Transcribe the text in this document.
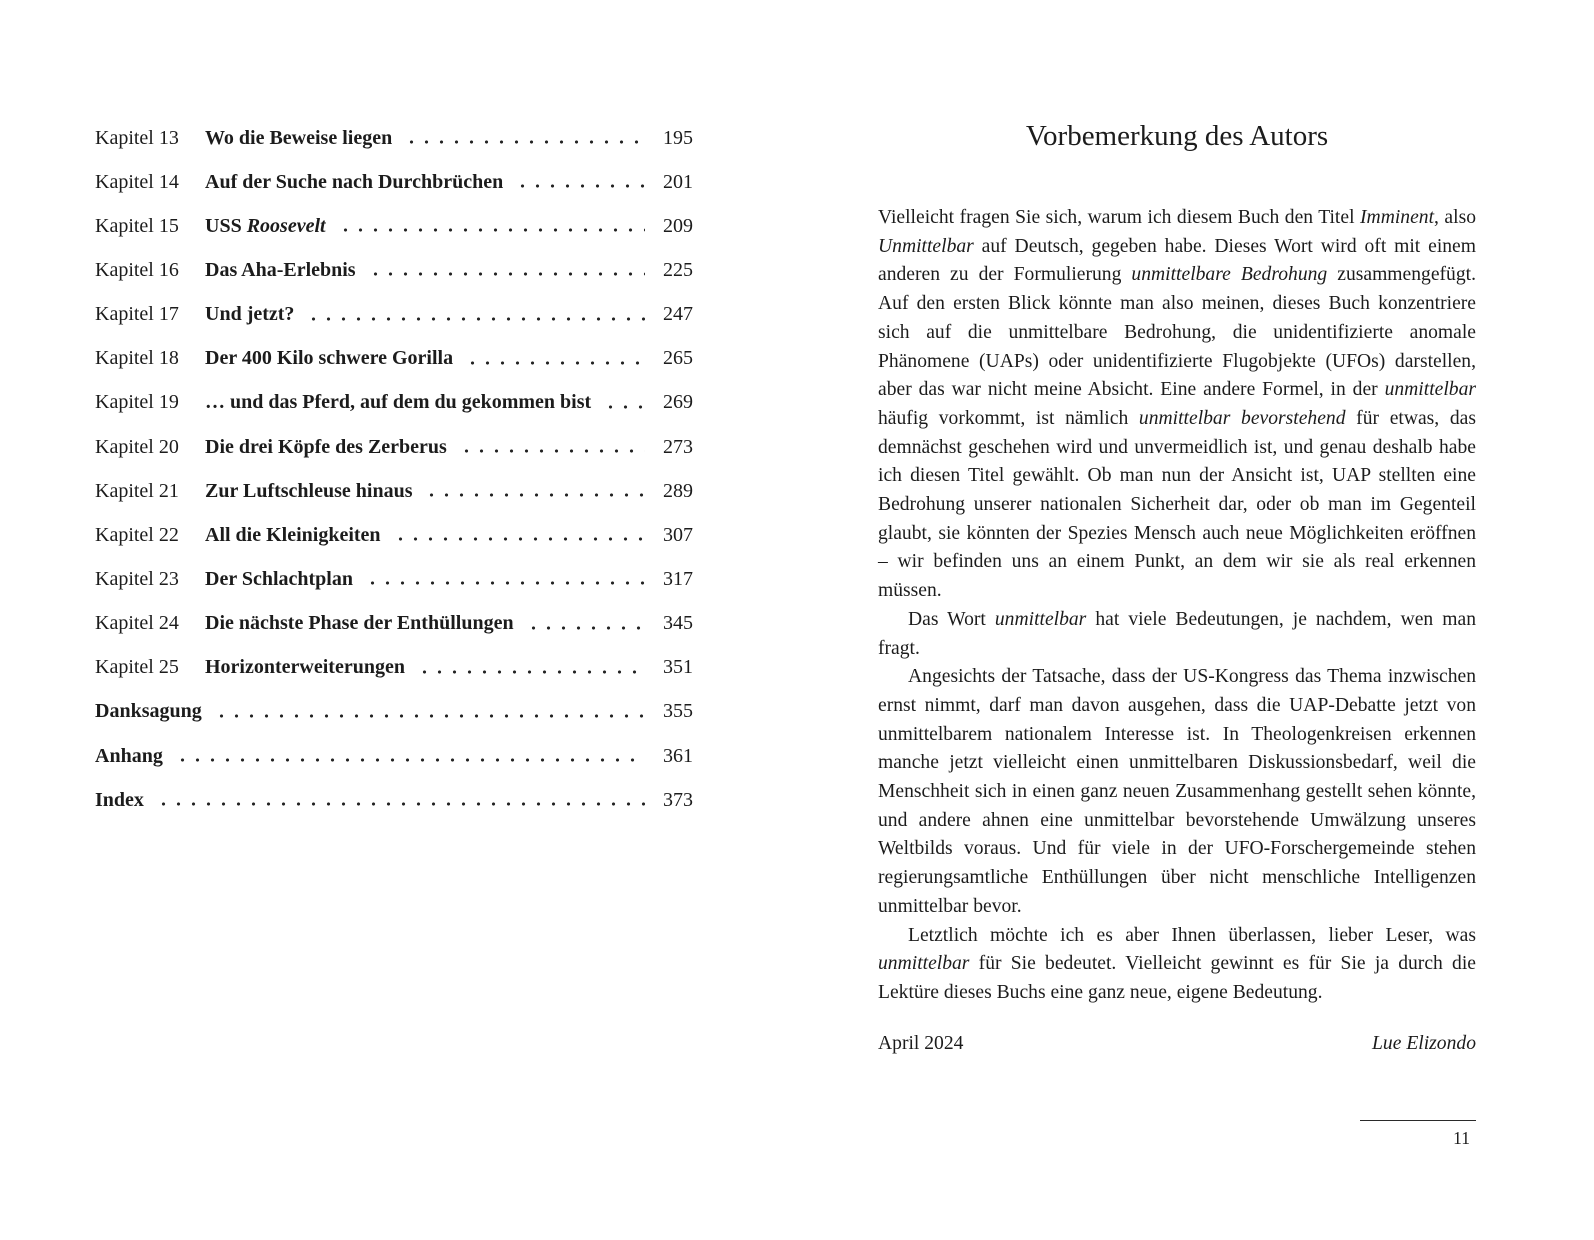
Kapitel 13	Wo die Beweise liegen	195
Kapitel 14	Auf der Suche nach Durchbrüchen	201
Kapitel 15	USS Roosevelt	209
Kapitel 16	Das Aha-Erlebnis	225
Kapitel 17	Und jetzt?	247
Kapitel 18	Der 400 Kilo schwere Gorilla	265
Kapitel 19	… und das Pferd, auf dem du gekommen bist	269
Kapitel 20	Die drei Köpfe des Zerberus	273
Kapitel 21	Zur Luftschleuse hinaus	289
Kapitel 22	All die Kleinigkeiten	307
Kapitel 23	Der Schlachtplan	317
Kapitel 24	Die nächste Phase der Enthüllungen	345
Kapitel 25	Horizonterweiterungen	351
Danksagung	355
Anhang	361
Index	373
Vorbemerkung des Autors

Vielleicht fragen Sie sich, warum ich diesem Buch den Titel Imminent, also Unmittelbar auf Deutsch, gegeben habe. Dieses Wort wird oft mit einem anderen zu der Formulierung unmittelbare Bedrohung zusammengefügt. Auf den ersten Blick könnte man also meinen, dieses Buch konzentriere sich auf die unmittelbare Bedrohung, die unidentifizierte anomale Phänomene (UAPs) oder unidentifizierte Flugobjekte (UFOs) darstellen, aber das war nicht meine Absicht. Eine andere Formel, in der unmittelbar häufig vorkommt, ist nämlich unmittelbar bevorstehend für etwas, das demnächst geschehen wird und unvermeidlich ist, und genau deshalb habe ich diesen Titel gewählt. Ob man nun der Ansicht ist, UAP stellten eine Bedrohung unserer nationalen Sicherheit dar, oder ob man im Gegenteil glaubt, sie könnten der Spezies Mensch auch neue Möglichkeiten eröffnen – wir befinden uns an einem Punkt, an dem wir sie als real erkennen müssen.

Das Wort unmittelbar hat viele Bedeutungen, je nachdem, wen man fragt.

Angesichts der Tatsache, dass der US-Kongress das Thema inzwischen ernst nimmt, darf man davon ausgehen, dass die UAP-Debatte jetzt von unmittelbarem nationalem Interesse ist. In Theologenkreisen erkennen manche jetzt vielleicht einen unmittelbaren Diskussionsbedarf, weil die Menschheit sich in einen ganz neuen Zusammenhang gestellt sehen könnte, und andere ahnen eine unmittelbar bevorstehende Umwälzung unseres Weltbilds voraus. Und für viele in der UFO-Forschergemeinde stehen regierungsamtliche Enthüllungen über nicht menschliche Intelligenzen unmittelbar bevor.

Letztlich möchte ich es aber Ihnen überlassen, lieber Leser, was unmittelbar für Sie bedeutet. Vielleicht gewinnt es für Sie ja durch die Lektüre dieses Buchs eine ganz neue, eigene Bedeutung.

April 2024	Lue Elizondo
11
